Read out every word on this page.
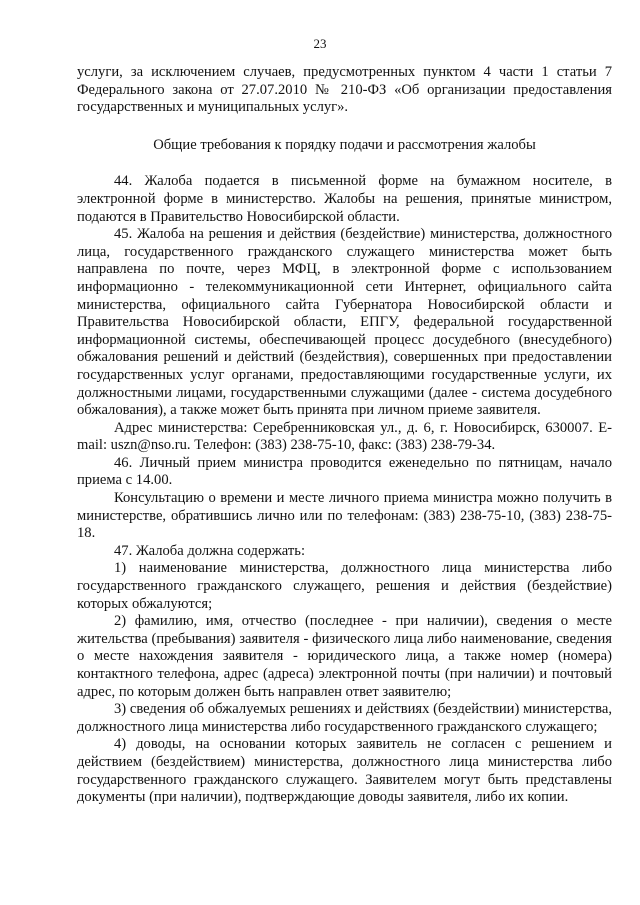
23

услуги, за исключением случаев, предусмотренных пунктом 4 части 1 статьи 7 Федерального закона от 27.07.2010 № 210-ФЗ «Об организации предоставления государственных и муниципальных услуг».

Общие требования к порядку подачи и рассмотрения жалобы

44. Жалоба подается в письменной форме на бумажном носителе, в электронной форме в министерство. Жалобы на решения, принятые министром, подаются в Правительство Новосибирской области.

45. Жалоба на решения и действия (бездействие) министерства, должностного лица, государственного гражданского служащего министерства может быть направлена по почте, через МФЦ, в электронной форме с использованием информационно - телекоммуникационной сети Интернет, официального сайта министерства, официального сайта Губернатора Новосибирской области и Правительства Новосибирской области, ЕПГУ, федеральной государственной информационной системы, обеспечивающей процесс досудебного (внесудебного) обжалования решений и действий (бездействия), совершенных при предоставлении государственных услуг органами, предоставляющими государственные услуги, их должностными лицами, государственными служащими (далее - система досудебного обжалования), а также может быть принята при личном приеме заявителя.

Адрес министерства: Серебренниковская ул., д. 6, г. Новосибирск, 630007. E-mail: uszn@nso.ru. Телефон: (383) 238-75-10, факс: (383) 238-79-34.

46. Личный прием министра проводится еженедельно по пятницам, начало приема с 14.00.

Консультацию о времени и месте личного приема министра можно получить в министерстве, обратившись лично или по телефонам: (383) 238-75-10, (383) 238-75-18.

47. Жалоба должна содержать:

1) наименование министерства, должностного лица министерства либо государственного гражданского служащего, решения и действия (бездействие) которых обжалуются;

2) фамилию, имя, отчество (последнее - при наличии), сведения о месте жительства (пребывания) заявителя - физического лица либо наименование, сведения о месте нахождения заявителя - юридического лица, а также номер (номера) контактного телефона, адрес (адреса) электронной почты (при наличии) и почтовый адрес, по которым должен быть направлен ответ заявителю;

3) сведения об обжалуемых решениях и действиях (бездействии) министерства, должностного лица министерства либо государственного гражданского служащего;

4) доводы, на основании которых заявитель не согласен с решением и действием (бездействием) министерства, должностного лица министерства либо государственного гражданского служащего. Заявителем могут быть представлены документы (при наличии), подтверждающие доводы заявителя, либо их копии.
